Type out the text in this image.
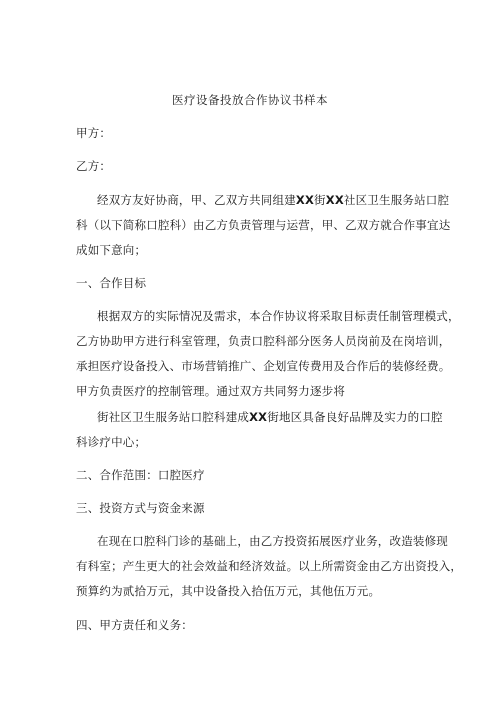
医疗设备投放合作协议书样本
甲方：
乙方：
经双方友好协商，甲、乙双方共同组建XX街XX社区卫生服务站口腔
科（以下简称口腔科）由乙方负责管理与运营，甲、乙双方就合作事宜达
成如下意向；
一、合作目标
根据双方的实际情况及需求，本合作协议将采取目标责任制管理模式，
乙方协助甲方进行科室管理，负责口腔科部分医务人员岗前及在岗培训，
承担医疗设备投入、市场营销推广、企划宣传费用及合作后的装修经费。
甲方负责医疗的控制管理。通过双方共同努力逐步将
街社区卫生服务站口腔科建成XX街地区具备良好品牌及实力的口腔
科诊疗中心；
二、合作范围：口腔医疗
三、投资方式与资金来源
在现在口腔科门诊的基础上，由乙方投资拓展医疗业务，改造装修现
有科室；产生更大的社会效益和经济效益。以上所需资金由乙方出资投入，
预算约为贰拾万元，其中设备投入拾伍万元，其他伍万元。
四、甲方责任和义务：
